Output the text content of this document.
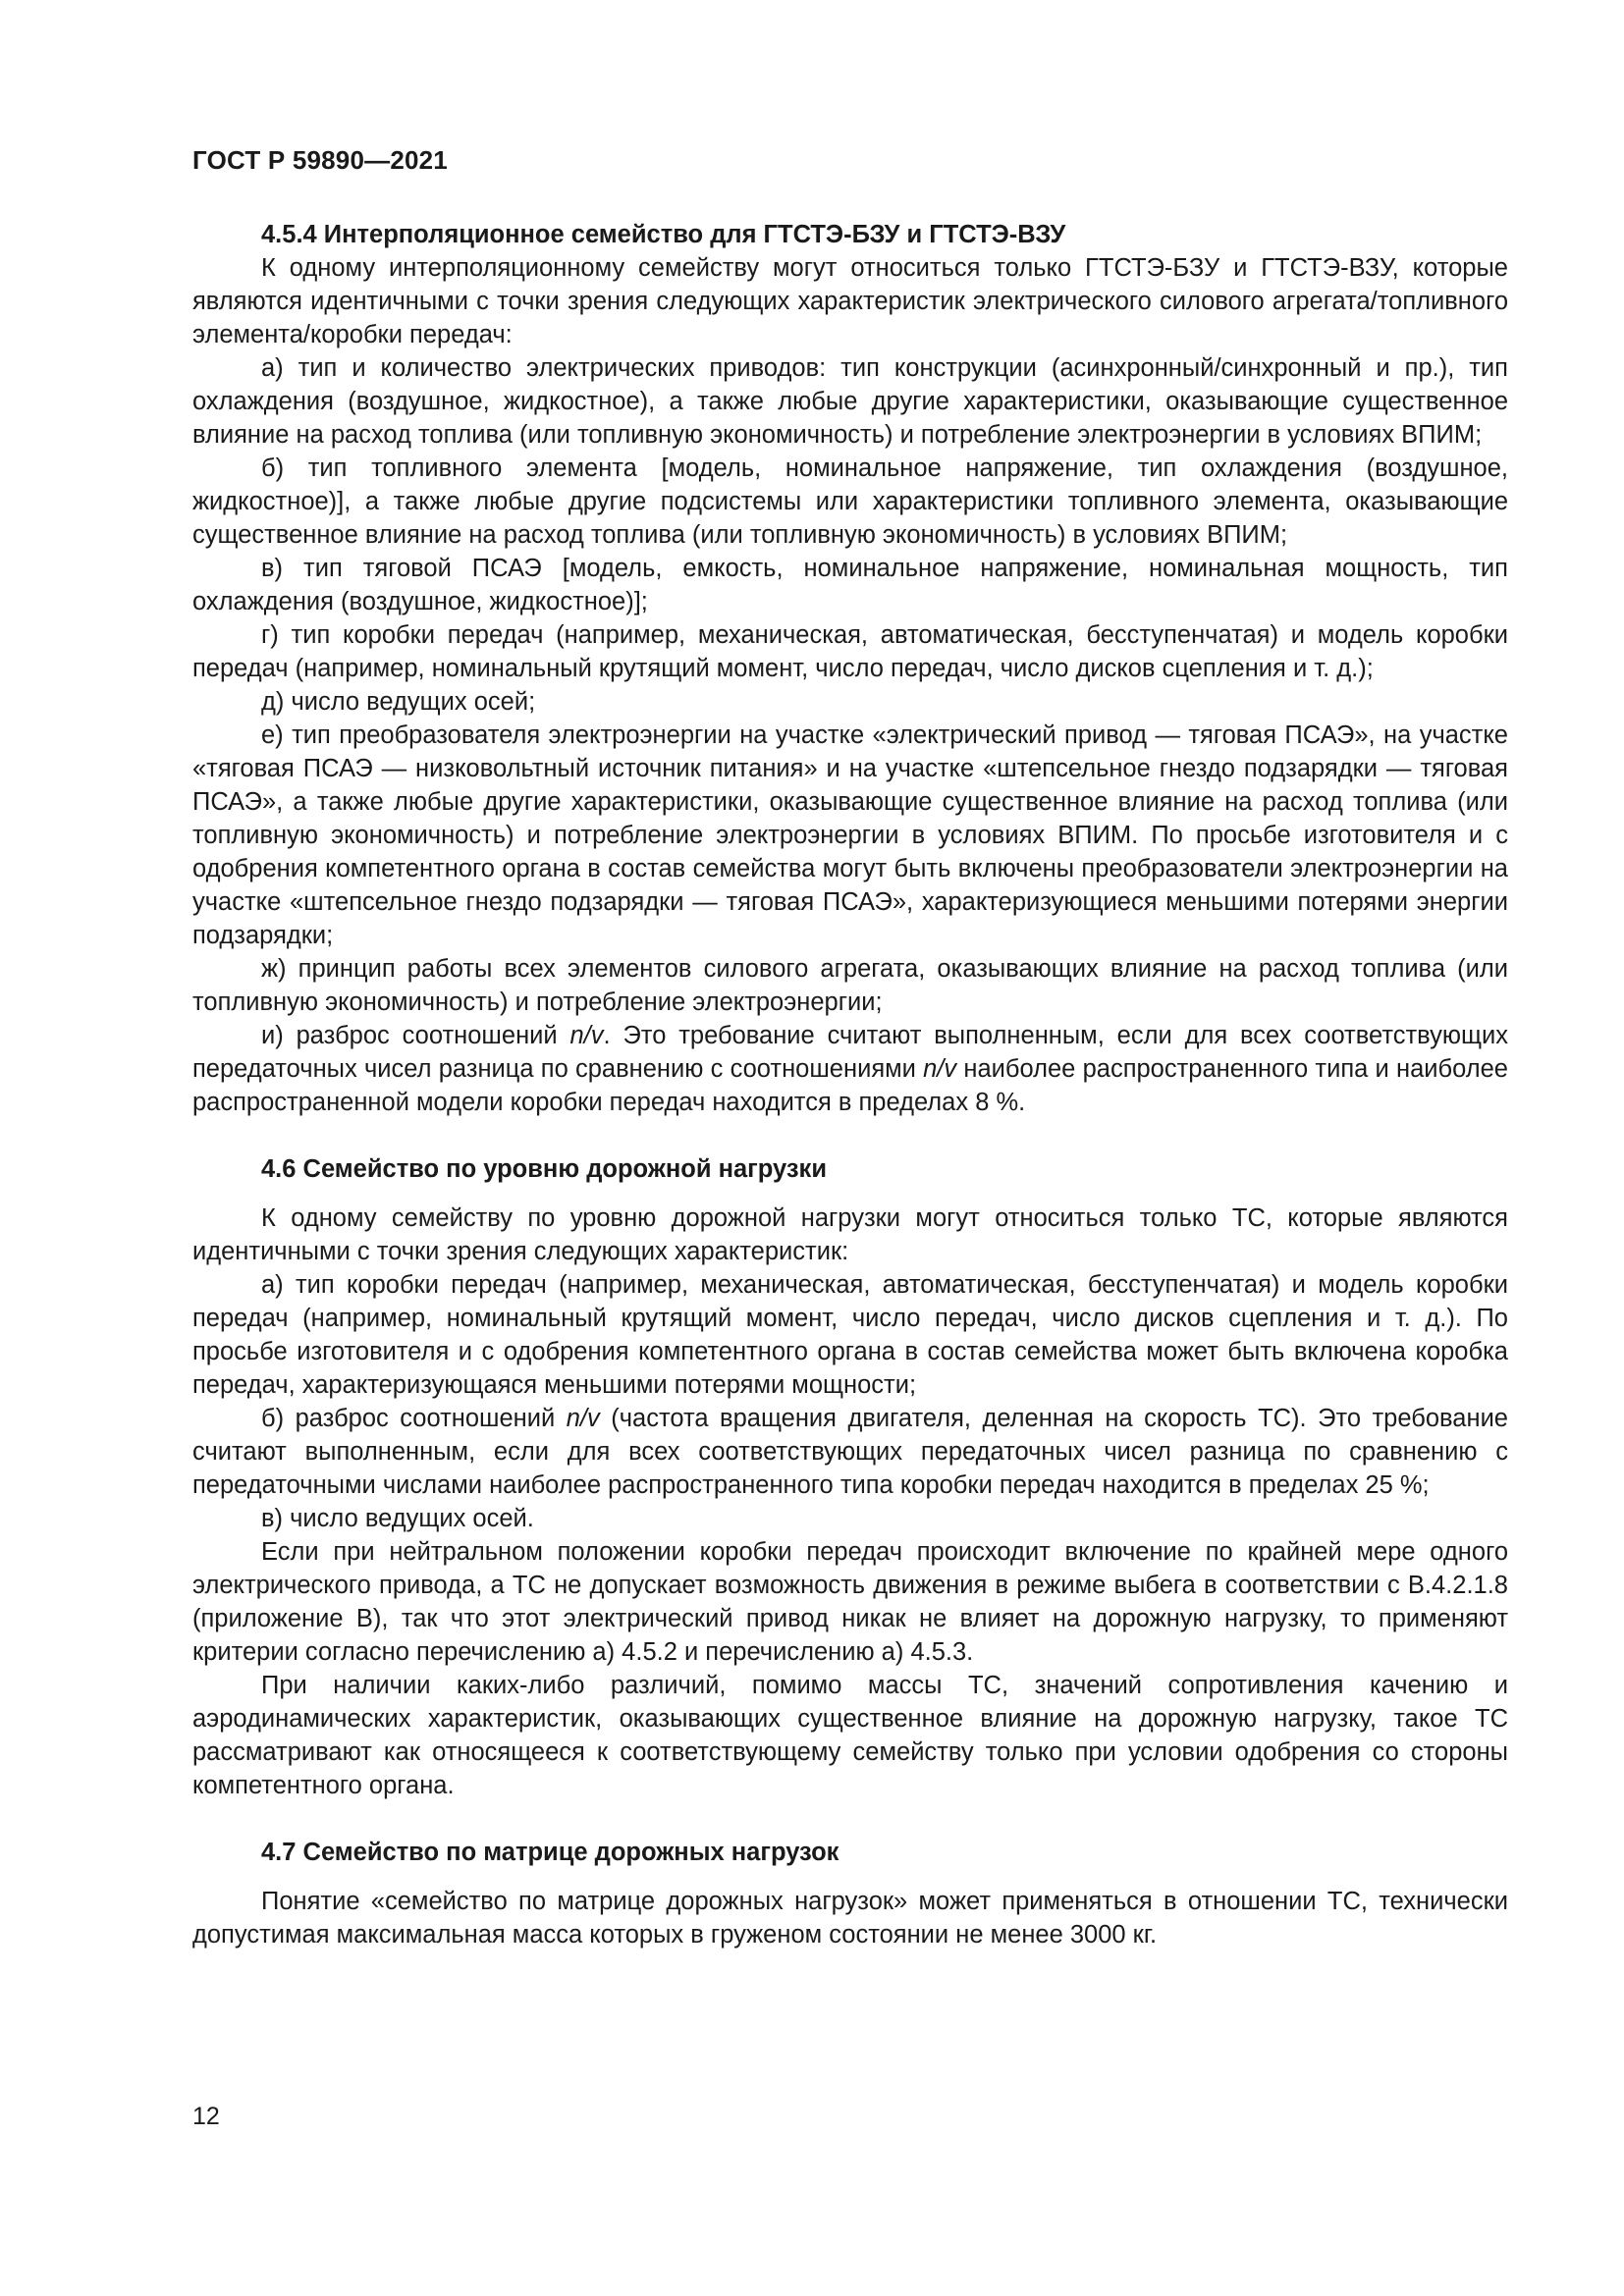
ГОСТ Р 59890—2021

4.5.4 Интерполяционное семейство для ГТСТЭ-БЗУ и ГТСТЭ-ВЗУ

К одному интерполяционному семейству могут относиться только ГТСТЭ-БЗУ и ГТСТЭ-ВЗУ, которые являются идентичными с точки зрения следующих характеристик электрического силового агрегата/топливного элемента/коробки передач:

а) тип и количество электрических приводов: тип конструкции (асинхронный/синхронный и пр.), тип охлаждения (воздушное, жидкостное), а также любые другие характеристики, оказывающие существенное влияние на расход топлива (или топливную экономичность) и потребление электроэнергии в условиях ВПИМ;

б) тип топливного элемента [модель, номинальное напряжение, тип охлаждения (воздушное, жидкостное)], а также любые другие подсистемы или характеристики топливного элемента, оказывающие существенное влияние на расход топлива (или топливную экономичность) в условиях ВПИМ;

в) тип тяговой ПСАЭ [модель, емкость, номинальное напряжение, номинальная мощность, тип охлаждения (воздушное, жидкостное)];

г) тип коробки передач (например, механическая, автоматическая, бесступенчатая) и модель коробки передач (например, номинальный крутящий момент, число передач, число дисков сцепления и т. д.);

д) число ведущих осей;

е) тип преобразователя электроэнергии на участке «электрический привод — тяговая ПСАЭ», на участке «тяговая ПСАЭ — низковольтный источник питания» и на участке «штепсельное гнездо подзарядки — тяговая ПСАЭ», а также любые другие характеристики, оказывающие существенное влияние на расход топлива (или топливную экономичность) и потребление электроэнергии в условиях ВПИМ. По просьбе изготовителя и с одобрения компетентного органа в состав семейства могут быть включены преобразователи электроэнергии на участке «штепсельное гнездо подзарядки — тяговая ПСАЭ», характеризующиеся меньшими потерями энергии подзарядки;

ж) принцип работы всех элементов силового агрегата, оказывающих влияние на расход топлива (или топливную экономичность) и потребление электроэнергии;

и) разброс соотношений n/v. Это требование считают выполненным, если для всех соответствующих передаточных чисел разница по сравнению с соотношениями n/v наиболее распространенного типа и наиболее распространенной модели коробки передач находится в пределах 8 %.

4.6 Семейство по уровню дорожной нагрузки

К одному семейству по уровню дорожной нагрузки могут относиться только ТС, которые являются идентичными с точки зрения следующих характеристик:

а) тип коробки передач (например, механическая, автоматическая, бесступенчатая) и модель коробки передач (например, номинальный крутящий момент, число передач, число дисков сцепления и т. д.). По просьбе изготовителя и с одобрения компетентного органа в состав семейства может быть включена коробка передач, характеризующаяся меньшими потерями мощности;

б) разброс соотношений n/v (частота вращения двигателя, деленная на скорость ТС). Это требование считают выполненным, если для всех соответствующих передаточных чисел разница по сравнению с передаточными числами наиболее распространенного типа коробки передач находится в пределах 25 %;

в) число ведущих осей.

Если при нейтральном положении коробки передач происходит включение по крайней мере одного электрического привода, а ТС не допускает возможность движения в режиме выбега в соответствии с В.4.2.1.8 (приложение В), так что этот электрический привод никак не влияет на дорожную нагрузку, то применяют критерии согласно перечислению а) 4.5.2 и перечислению а) 4.5.3.

При наличии каких-либо различий, помимо массы ТС, значений сопротивления качению и аэродинамических характеристик, оказывающих существенное влияние на дорожную нагрузку, такое ТС рассматривают как относящееся к соответствующему семейству только при условии одобрения со стороны компетентного органа.

4.7 Семейство по матрице дорожных нагрузок

Понятие «семейство по матрице дорожных нагрузок» может применяться в отношении ТС, технически допустимая максимальная масса которых в груженом состоянии не менее 3000 кг.

12
